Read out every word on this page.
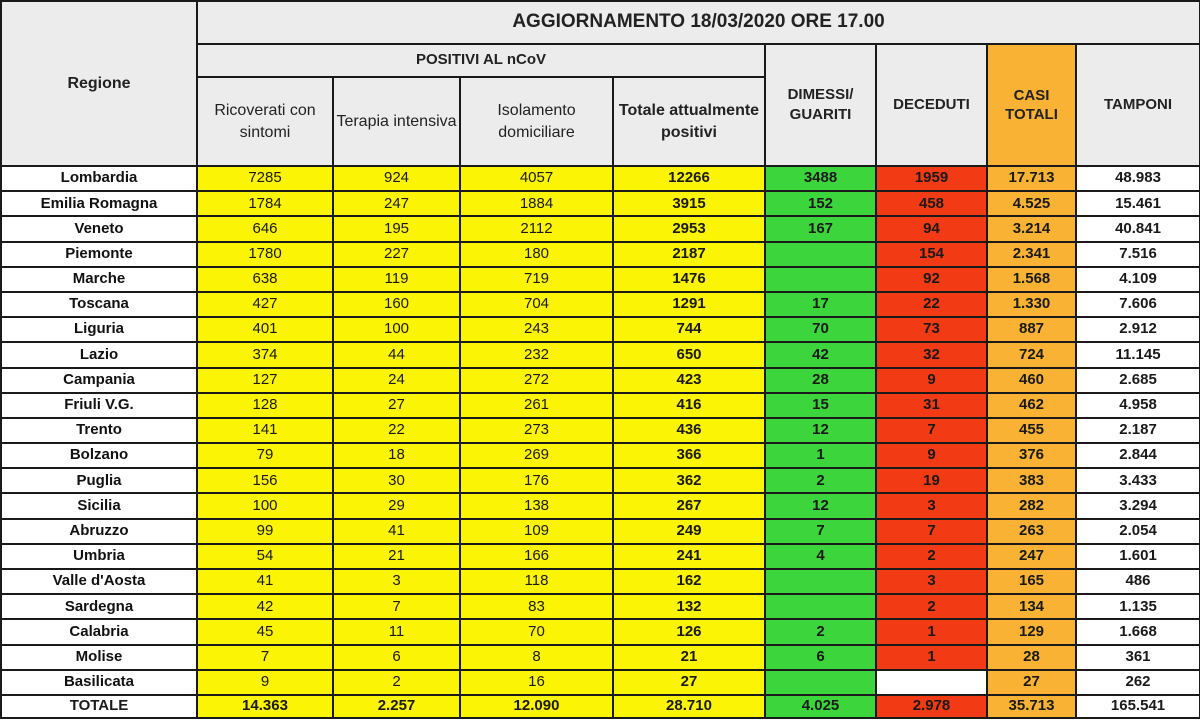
Regione	AGGIORNAMENTO 18/03/2020 ORE 17.00							
	POSITIVI AL nCoV				DIMESSI/ GUARITI	DECEDUTI	CASI TOTALI	TAMPONI
	Ricoverati con sintomi	Terapia intensiva	Isolamento domiciliare	Totale attualmente positivi				
Lombardia	7285	924	4057	12266	3488	1959	17.713	48.983
Emilia Romagna	1784	247	1884	3915	152	458	4.525	15.461
Veneto	646	195	2112	2953	167	94	3.214	40.841
Piemonte	1780	227	180	2187		154	2.341	7.516
Marche	638	119	719	1476		92	1.568	4.109
Toscana	427	160	704	1291	17	22	1.330	7.606
Liguria	401	100	243	744	70	73	887	2.912
Lazio	374	44	232	650	42	32	724	11.145
Campania	127	24	272	423	28	9	460	2.685
Friuli V.G.	128	27	261	416	15	31	462	4.958
Trento	141	22	273	436	12	7	455	2.187
Bolzano	79	18	269	366	1	9	376	2.844
Puglia	156	30	176	362	2	19	383	3.433
Sicilia	100	29	138	267	12	3	282	3.294
Abruzzo	99	41	109	249	7	7	263	2.054
Umbria	54	21	166	241	4	2	247	1.601
Valle d'Aosta	41	3	118	162		3	165	486
Sardegna	42	7	83	132		2	134	1.135
Calabria	45	11	70	126	2	1	129	1.668
Molise	7	6	8	21	6	1	28	361
Basilicata	9	2	16	27			27	262
TOTALE	14.363	2.257	12.090	28.710	4.025	2.978	35.713	165.541
